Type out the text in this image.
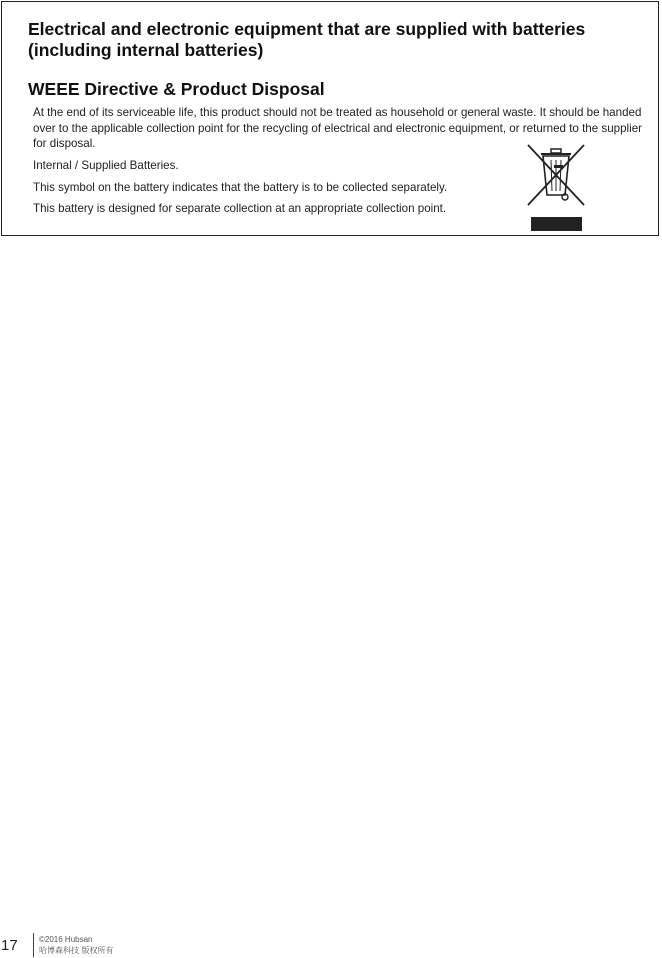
Electrical and electronic equipment that are supplied with batteries (including internal batteries)
WEEE Directive & Product Disposal

At the end of its serviceable life, this product should not be treated as household or general waste. It should be handed over to the applicable collection point for the recycling of electrical and electronic equipment, or returned to the supplier for disposal.

Internal / Supplied Batteries.

This symbol on the battery indicates that the battery is to be collected separately.

This battery is designed for separate collection at an appropriate collection point.

17	©2016 Hubsan
哈博森科技 版权所有
